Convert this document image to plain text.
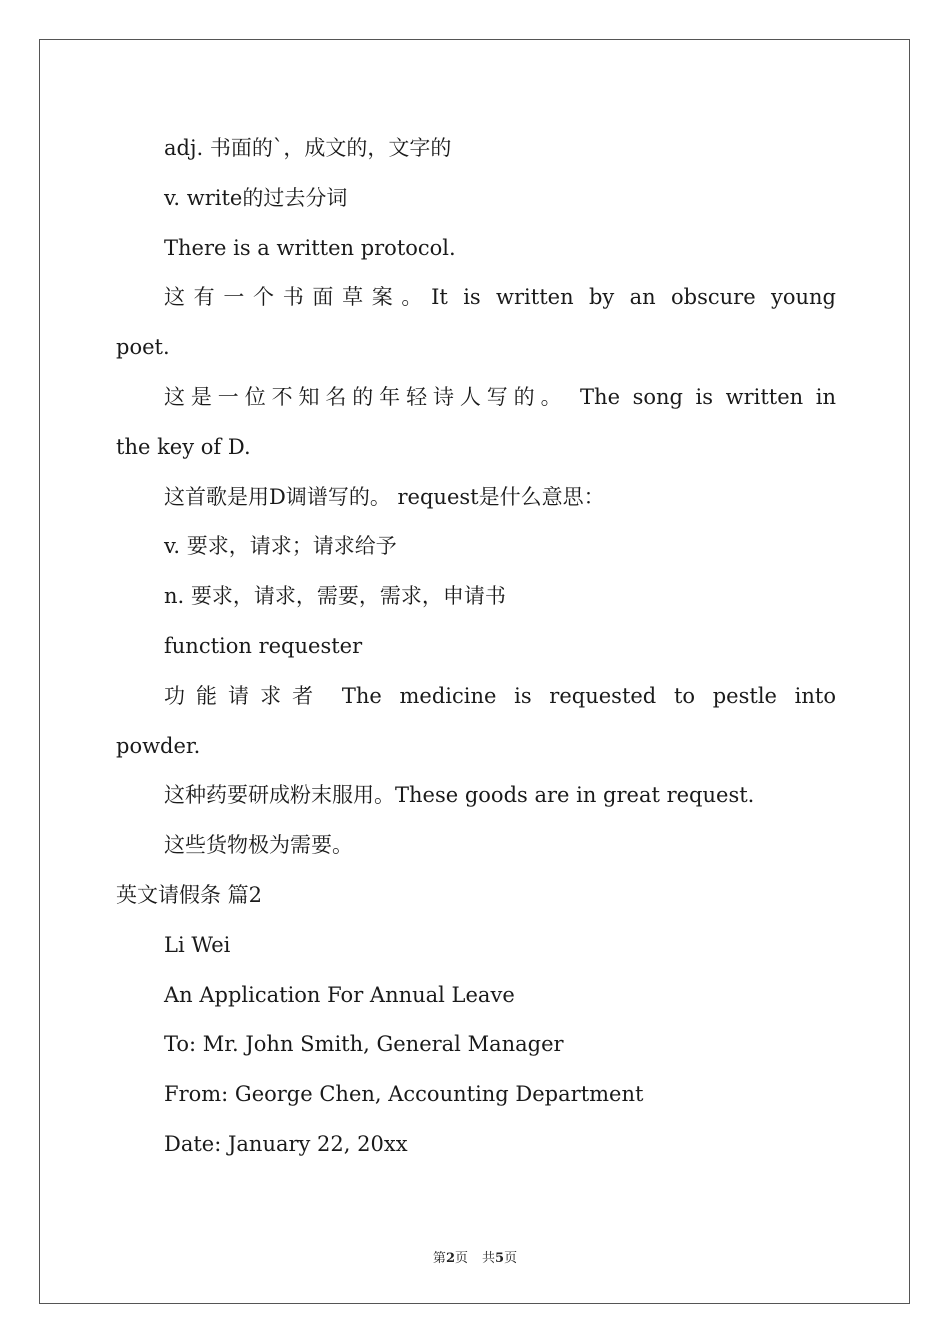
adj. 书面的`，成文的，文字的
v. write的过去分词
There is a written protocol.
这有一个书面草案。It is written by an obscure young
poet.
这是一位不知名的年轻诗人写的。 The song is written in
the key of D.
这首歌是用D调谱写的。 request是什么意思：
v. 要求，请求；请求给予
n. 要求，请求，需要，需求，申请书
function requester
功能请求者 The medicine is requested to pestle into
powder.
这种药要研成粉末服用。These goods are in great request.
这些货物极为需要。
英文请假条 篇2
Li Wei
An Application For Annual Leave
To: Mr. John Smith, General Manager
From: George Chen, Accounting Department
Date: January 22, 20xx
第2页 共5页
